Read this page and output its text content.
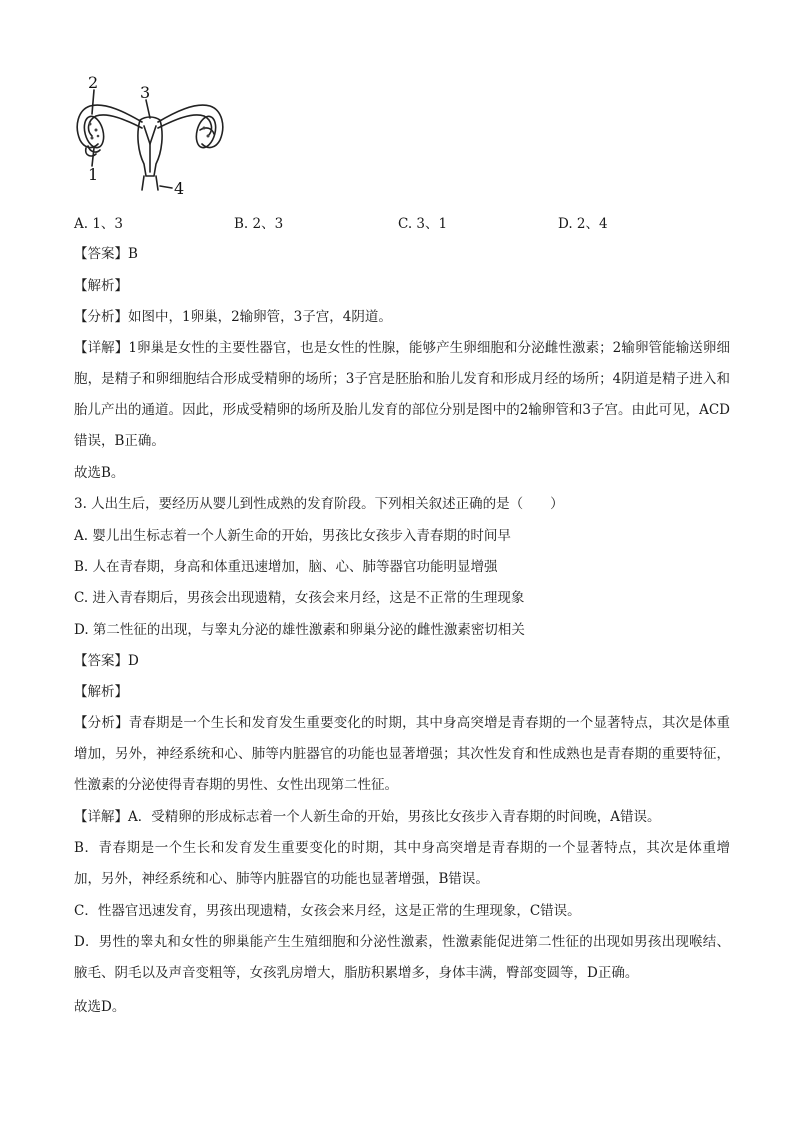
2
3
1
4
A. 1、3	B. 2、3	C. 3、1	D. 2、4
【答案】B
【解析】
【分析】如图中，1卵巢，2输卵管，3子宫，4阴道。
【详解】1卵巢是女性的主要性器官，也是女性的性腺，能够产生卵细胞和分泌雌性激素；2输卵管能输送卵细胞，是精子和卵细胞结合形成受精卵的场所；3子宫是胚胎和胎儿发育和形成月经的场所；4阴道是精子进入和胎儿产出的通道。因此，形成受精卵的场所及胎儿发育的部位分别是图中的2输卵管和3子宫。由此可见，ACD错误，B正确。
故选B。
3. 人出生后，要经历从婴儿到性成熟的发育阶段。下列相关叙述正确的是（　　）
A. 婴儿出生标志着一个人新生命的开始，男孩比女孩步入青春期的时间早
B. 人在青春期，身高和体重迅速增加，脑、心、肺等器官功能明显增强
C. 进入青春期后，男孩会出现遗精，女孩会来月经，这是不正常的生理现象
D. 第二性征的出现，与睾丸分泌的雄性激素和卵巢分泌的雌性激素密切相关
【答案】D
【解析】
【分析】青春期是一个生长和发育发生重要变化的时期，其中身高突增是青春期的一个显著特点，其次是体重增加，另外，神经系统和心、肺等内脏器官的功能也显著增强；其次性发育和性成熟也是青春期的重要特征，性激素的分泌使得青春期的男性、女性出现第二性征。
【详解】A．受精卵的形成标志着一个人新生命的开始，男孩比女孩步入青春期的时间晚，A错误。
B．青春期是一个生长和发育发生重要变化的时期，其中身高突增是青春期的一个显著特点，其次是体重增加，另外，神经系统和心、肺等内脏器官的功能也显著增强，B错误。
C．性器官迅速发育，男孩出现遗精，女孩会来月经，这是正常的生理现象，C错误。
D．男性的睾丸和女性的卵巢能产生生殖细胞和分泌性激素，性激素能促进第二性征的出现如男孩出现喉结、腋毛、阴毛以及声音变粗等，女孩乳房增大，脂肪积累增多，身体丰满，臀部变圆等，D正确。
故选D。
